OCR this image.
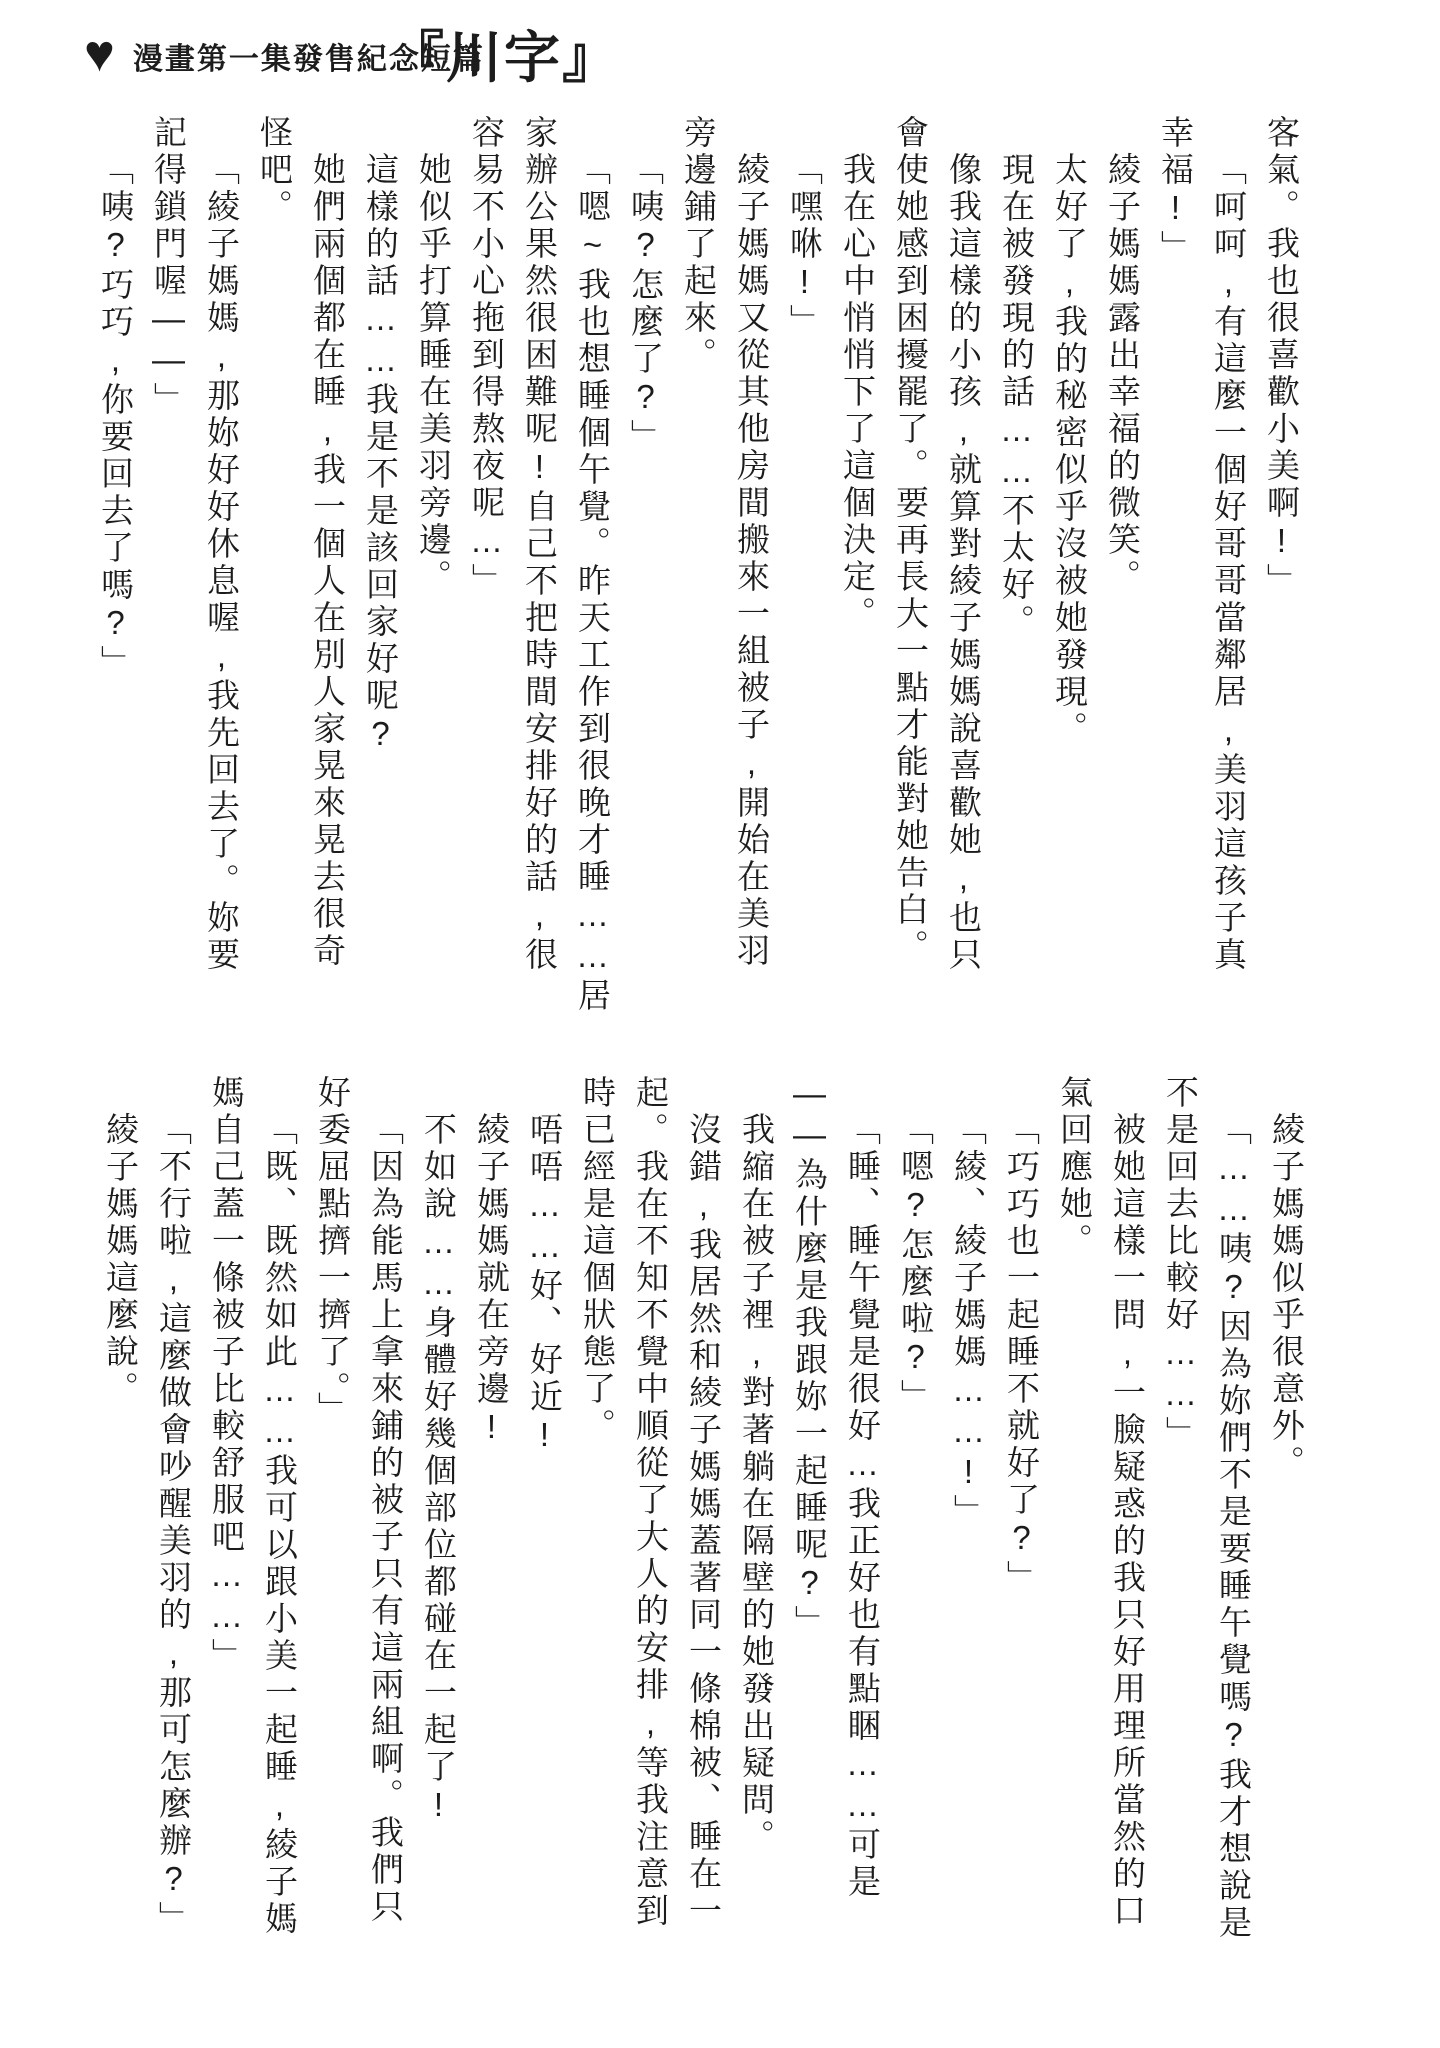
♥ 漫畫第一集發售紀念短篇
『川字』
客氣。我也很喜歡小美啊!」
「呵呵,有這麼一個好哥哥當鄰居,美羽這孩子真
幸福!」
綾子媽媽露出幸福的微笑。
太好了,我的秘密似乎沒被她發現。
現在被發現的話……不太好。
像我這樣的小孩,就算對綾子媽媽說喜歡她,也只
會使她感到困擾罷了。要再長大一點才能對她告白。
我在心中悄悄下了這個決定。
「嘿咻!」
綾子媽媽又從其他房間搬來一組被子,開始在美羽
旁邊鋪了起來。
「咦?怎麼了?」
「嗯~我也想睡個午覺。昨天工作到很晚才睡……居
家辦公果然很困難呢!自己不把時間安排好的話,很
容易不小心拖到得熬夜呢…」
她似乎打算睡在美羽旁邊。
這樣的話……我是不是該回家好呢?
她們兩個都在睡,我一個人在別人家晃來晃去很奇
怪吧。
「綾子媽媽,那妳好好休息喔,我先回去了。妳要
記得鎖門喔——」
「咦?巧巧,你要回去了嗎?」
綾子媽媽似乎很意外。
「……咦?因為妳們不是要睡午覺嗎?我才想說是
不是回去比較好……」
被她這樣一問,一臉疑惑的我只好用理所當然的口
氣回應她。
「巧巧也一起睡不就好了?」
「綾、綾子媽媽……!」
「嗯?怎麼啦?」
「睡、睡午覺是很好…我正好也有點睏……可是
——為什麼是我跟妳一起睡呢?」
我縮在被子裡,對著躺在隔壁的她發出疑問。
沒錯,我居然和綾子媽媽蓋著同一條棉被、睡在一
起。我在不知不覺中順從了大人的安排,等我注意到
時已經是這個狀態了。
唔唔……好、好近!
綾子媽媽就在旁邊!
不如說……身體好幾個部位都碰在一起了!
「因為能馬上拿來鋪的被子只有這兩組啊。我們只
好委屈點擠一擠了。」
「既、既然如此……我可以跟小美一起睡,綾子媽
媽自己蓋一條被子比較舒服吧……」
「不行啦,這麼做會吵醒美羽的,那可怎麼辦?」
綾子媽媽這麼說。
